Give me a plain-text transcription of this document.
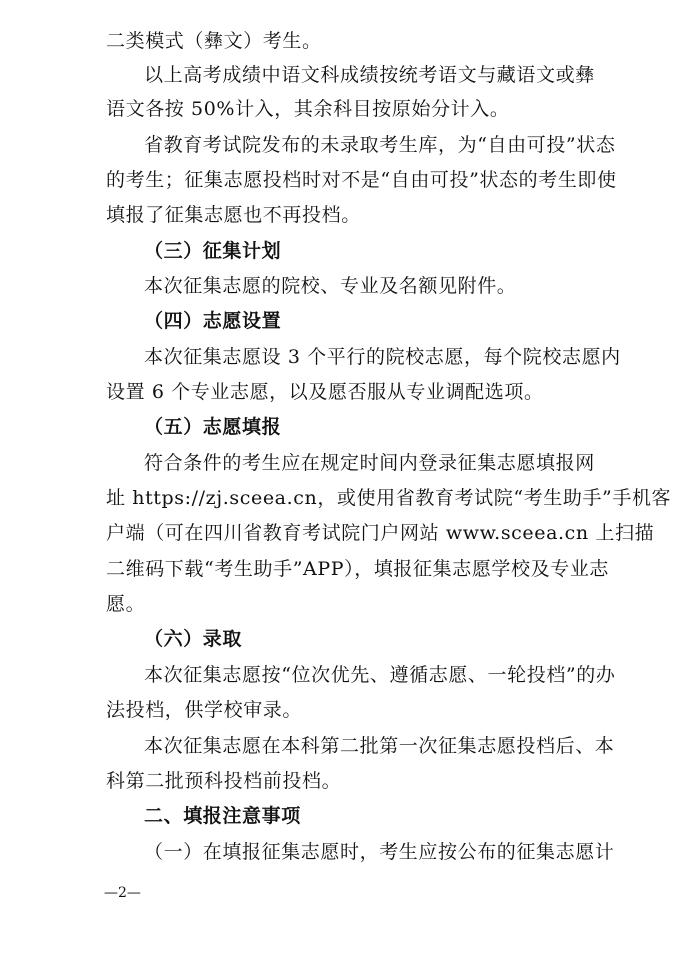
二类模式（彝文）考生。
以上高考成绩中语文科成绩按统考语文与藏语文或彝
语文各按 50%计入，其余科目按原始分计入。
省教育考试院发布的未录取考生库，为“自由可投”状态
的考生；征集志愿投档时对不是“自由可投”状态的考生即使
填报了征集志愿也不再投档。
（三）征集计划
本次征集志愿的院校、专业及名额见附件。
（四）志愿设置
本次征集志愿设 3 个平行的院校志愿，每个院校志愿内
设置 6 个专业志愿，以及愿否服从专业调配选项。
（五）志愿填报
符合条件的考生应在规定时间内登录征集志愿填报网
址 https://zj.sceea.cn，或使用省教育考试院“考生助手”手机客
户端（可在四川省教育考试院门户网站 www.sceea.cn 上扫描
二维码下载“考生助手”APP），填报征集志愿学校及专业志
愿。
（六）录取
本次征集志愿按“位次优先、遵循志愿、一轮投档”的办
法投档，供学校审录。
本次征集志愿在本科第二批第一次征集志愿投档后、本
科第二批预科投档前投档。
二、填报注意事项
（一）在填报征集志愿时，考生应按公布的征集志愿计
—2—
